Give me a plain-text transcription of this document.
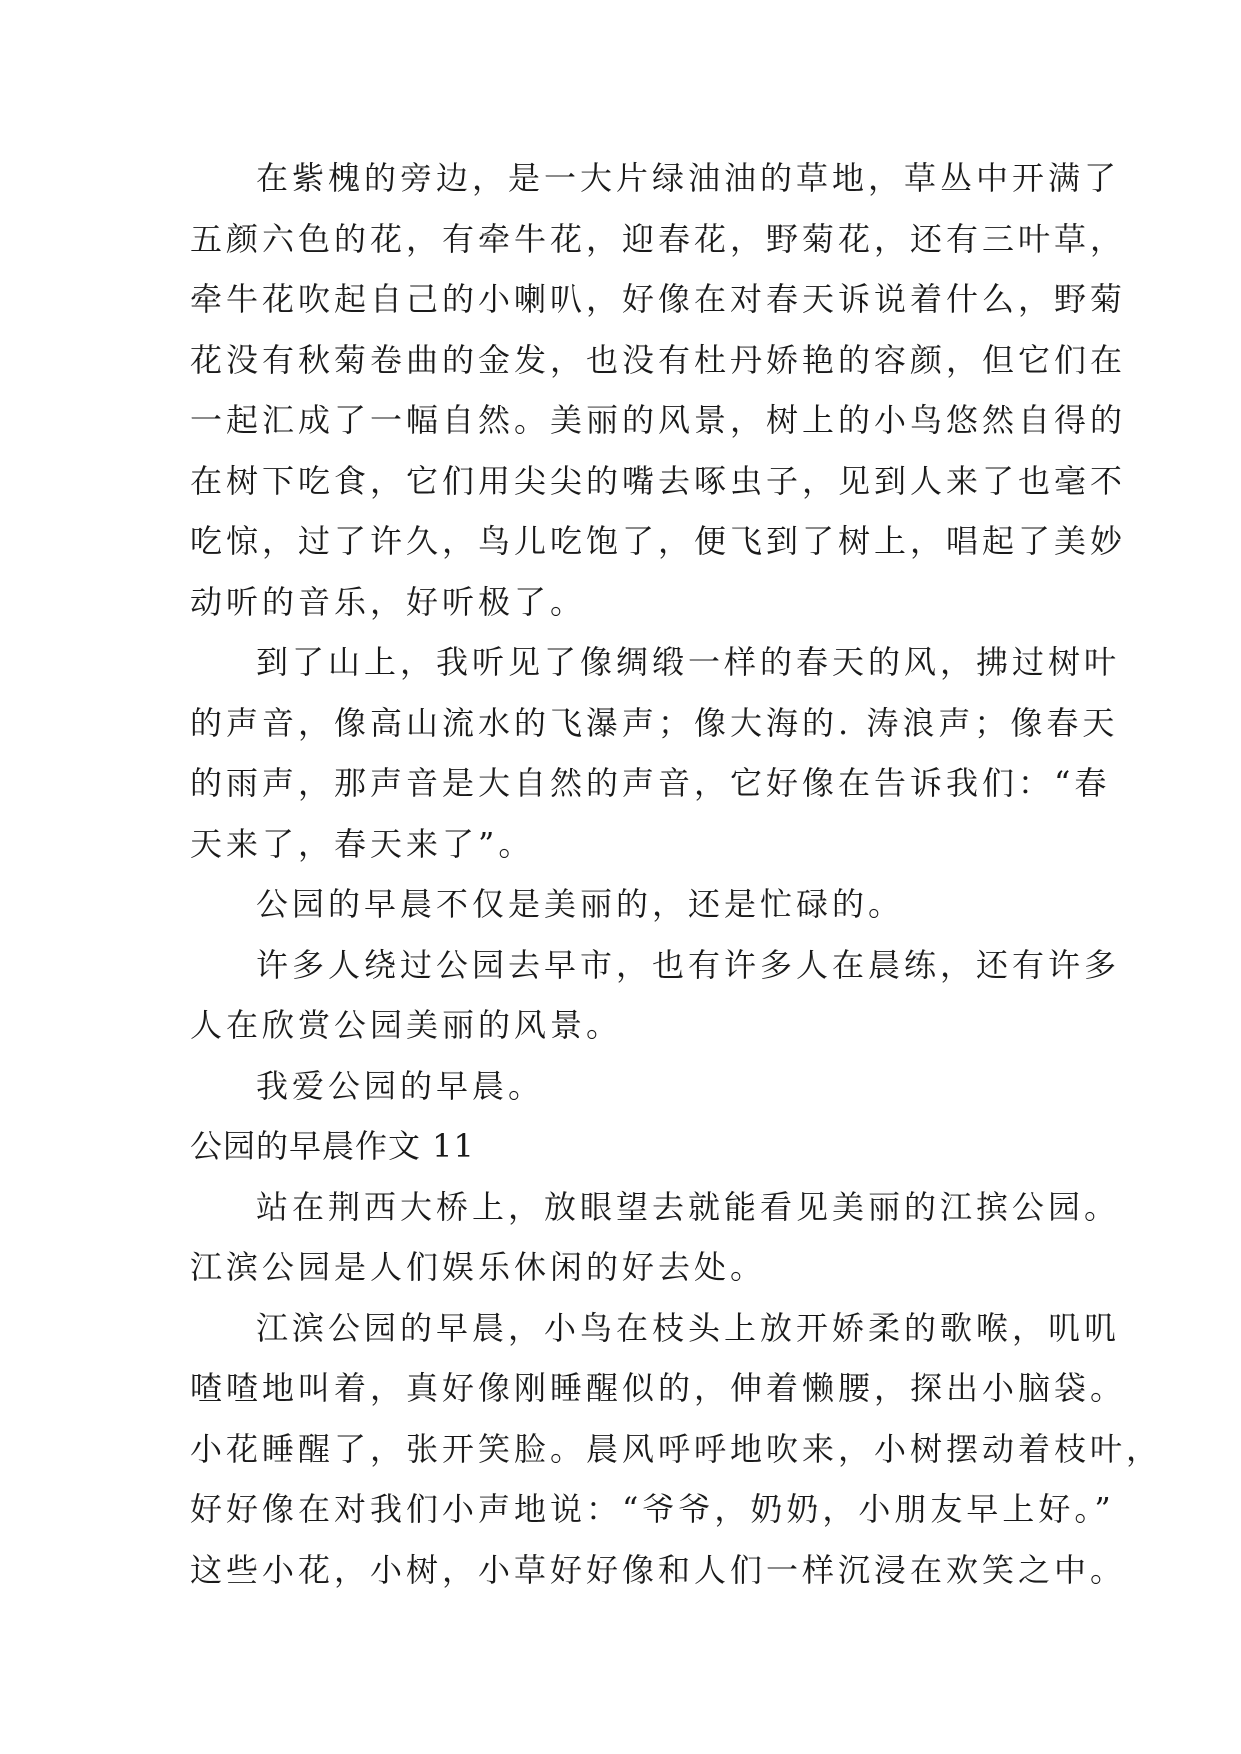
在紫槐的旁边，是一大片绿油油的草地，草丛中开满了
五颜六色的花，有牵牛花，迎春花，野菊花，还有三叶草，
牵牛花吹起自己的小喇叭，好像在对春天诉说着什么，野菊
花没有秋菊卷曲的金发，也没有杜丹娇艳的容颜，但它们在
一起汇成了一幅自然。美丽的风景，树上的小鸟悠然自得的
在树下吃食，它们用尖尖的嘴去啄虫子，见到人来了也毫不
吃惊，过了许久，鸟儿吃饱了，便飞到了树上，唱起了美妙
动听的音乐，好听极了。
到了山上，我听见了像绸缎一样的春天的风，拂过树叶
的声音，像高山流水的飞瀑声；像大海的. 涛浪声；像春天
的雨声，那声音是大自然的声音，它好像在告诉我们：“春
天来了，春天来了”。
公园的早晨不仅是美丽的，还是忙碌的。
许多人绕过公园去早市，也有许多人在晨练，还有许多
人在欣赏公园美丽的风景。
我爱公园的早晨。
公园的早晨作文 11
站在荆西大桥上，放眼望去就能看见美丽的江摈公园。
江滨公园是人们娱乐休闲的好去处。
江滨公园的早晨，小鸟在枝头上放开娇柔的歌喉，叽叽
喳喳地叫着，真好像刚睡醒似的，伸着懒腰，探出小脑袋。
小花睡醒了，张开笑脸。晨风呼呼地吹来，小树摆动着枝叶，
好好像在对我们小声地说：“爷爷，奶奶，小朋友早上好。”
这些小花，小树，小草好好像和人们一样沉浸在欢笑之中。
